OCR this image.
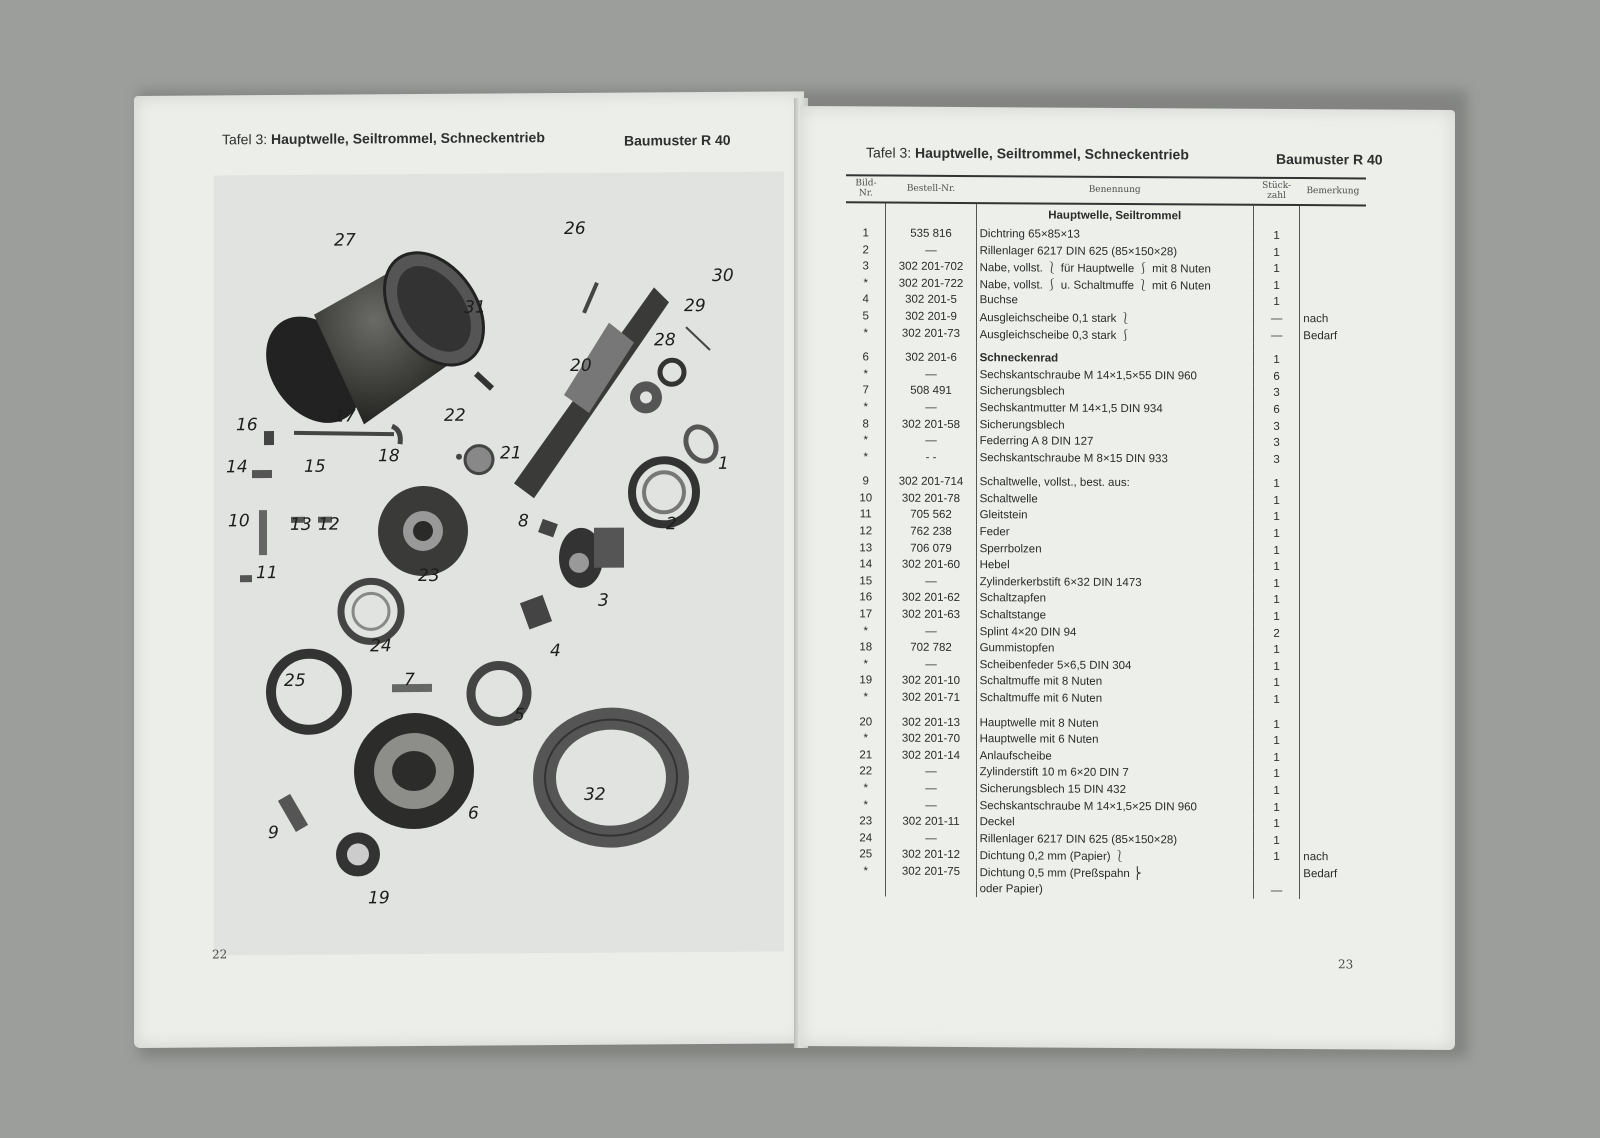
Tafel 3: Hauptwelle, Seiltrommel, Schneckentrieb	Baumuster R 40
27
26
30
31	29
28
20
16	17	22
21
18
14	15	1
10 13 12	8	2
11	23
3
24	4
25	7
5
32
6
9
19
22
Tafel 3: Hauptwelle, Seiltrommel, Schneckentrieb	Baumuster R 40
Bild-Nr.	Bestell-Nr.	Benennung	Stück-zahl	Bemerkung
		Hauptwelle, Seiltrommel		
1	535 816	Dichtring 65×85×13	1	
2	—	Rillenlager 6217 DIN 625 (85×150×28)	1	
3	302 201-702	Nabe, vollst. ⎱ für Hauptwelle ⎰ mit 8 Nuten	1	
*	302 201-722	Nabe, vollst. ⎰ u. Schaltmuffe ⎱ mit 6 Nuten	1	
4	302 201-5	Buchse	1	
5	302 201-9	Ausgleichscheibe 0,1 stark ⎱	—	nach
*	302 201-73	Ausgleichscheibe 0,3 stark ⎰	—	Bedarf

6	302 201-6	Schneckenrad	1	
*	—	Sechskantschraube M 14×1,5×55 DIN 960	6	
7	508 491	Sicherungsblech	3	
*	—	Sechskantmutter M 14×1,5 DIN 934	6	
8	302 201-58	Sicherungsblech	3	
*	—	Federring A 8 DIN 127	3	
*	- -	Sechskantschraube M 8×15 DIN 933	3	

9	302 201-714	Schaltwelle, vollst., best. aus:	1	
10	302 201-78	Schaltwelle	1	
11	705 562	Gleitstein	1	
12	762 238	Feder	1	
13	706 079	Sperrbolzen	1	
14	302 201-60	Hebel	1	
15	—	Zylinderkerbstift 6×32 DIN 1473	1	
16	302 201-62	Schaltzapfen	1	
17	302 201-63	Schaltstange	1	
*	—	Splint 4×20 DIN 94	2	
18	702 782	Gummistopfen	1	
*	—	Scheibenfeder 5×6,5 DIN 304	1	
19	302 201-10	Schaltmuffe mit 8 Nuten	1	
*	302 201-71	Schaltmuffe mit 6 Nuten	1	

20	302 201-13	Hauptwelle mit 8 Nuten	1	
*	302 201-70	Hauptwelle mit 6 Nuten	1	
21	302 201-14	Anlaufscheibe	1	
22	—	Zylinderstift 10 m 6×20 DIN 7	1	
*	—	Sicherungsblech 15 DIN 432	1	
*	—	Sechskantschraube M 14×1,5×25 DIN 960	1	
23	302 201-11	Deckel	1	
24	—	Rillenlager 6217 DIN 625 (85×150×28)	1	
25	302 201-12	Dichtung 0,2 mm (Papier) ⎱	1	nach
*	302 201-75	Dichtung 0,5 mm (Preßspahn ⎬		Bedarf
		oder Papier)	—	
23
